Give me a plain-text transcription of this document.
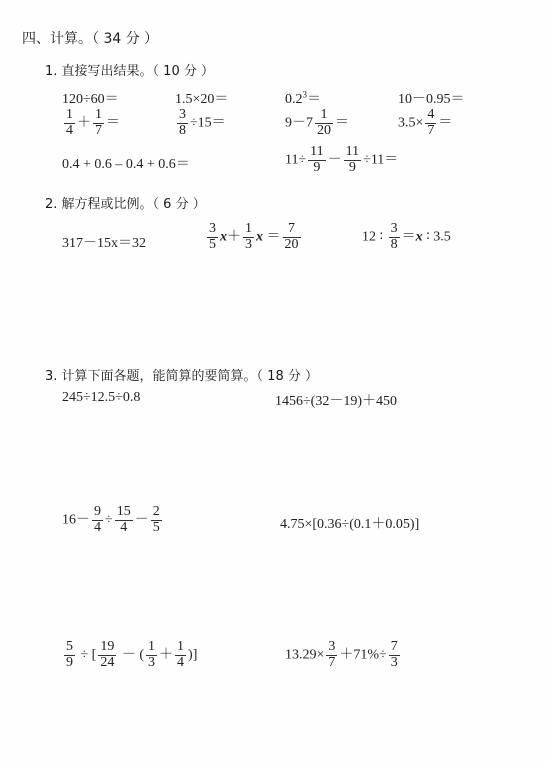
四、计算。（ 34 分 ）
1. 直接写出结果。（ 10 分 ）
120÷60＝	1.5×20＝	$0.2^3=$	10－0.95＝
$\frac{1}{4} + \frac{1}{7}$ ＝	$\frac{3}{8} \div 15=$	$9-7 \frac{1}{20}$ ＝	$3.5\times \frac{4}{7}$ ＝
0.4 + 0.6 – 0.4 + 0.6＝	$11\div \frac{11}{9} - \frac{11}{9} \div 11=$
2. 解方程或比例。（ 6 分 ）
317－15x＝32	$\frac{3}{5} x+ \frac{1}{3}$ $x = \frac{7}{20}$	12 ∶ $\frac{3}{8} =x$ ∶ 3.5
3. 计算下面各题，能简算的要简算。（ 18 分 ）
245÷12.5÷0.8	1456÷(32－19)＋450
$16- \frac{9}{4} \div \frac{15}{4} - \frac{2}{5}$	4.75×[0.36÷(0.1＋0.05)]
$\frac{5}{9}$ ÷ [ $\frac{19}{24}$ － ( $\frac{1}{3} + \frac{1}{4}$ )]	$13.29\times \frac{3}{7} +71\%\div \frac{7}{3}$
